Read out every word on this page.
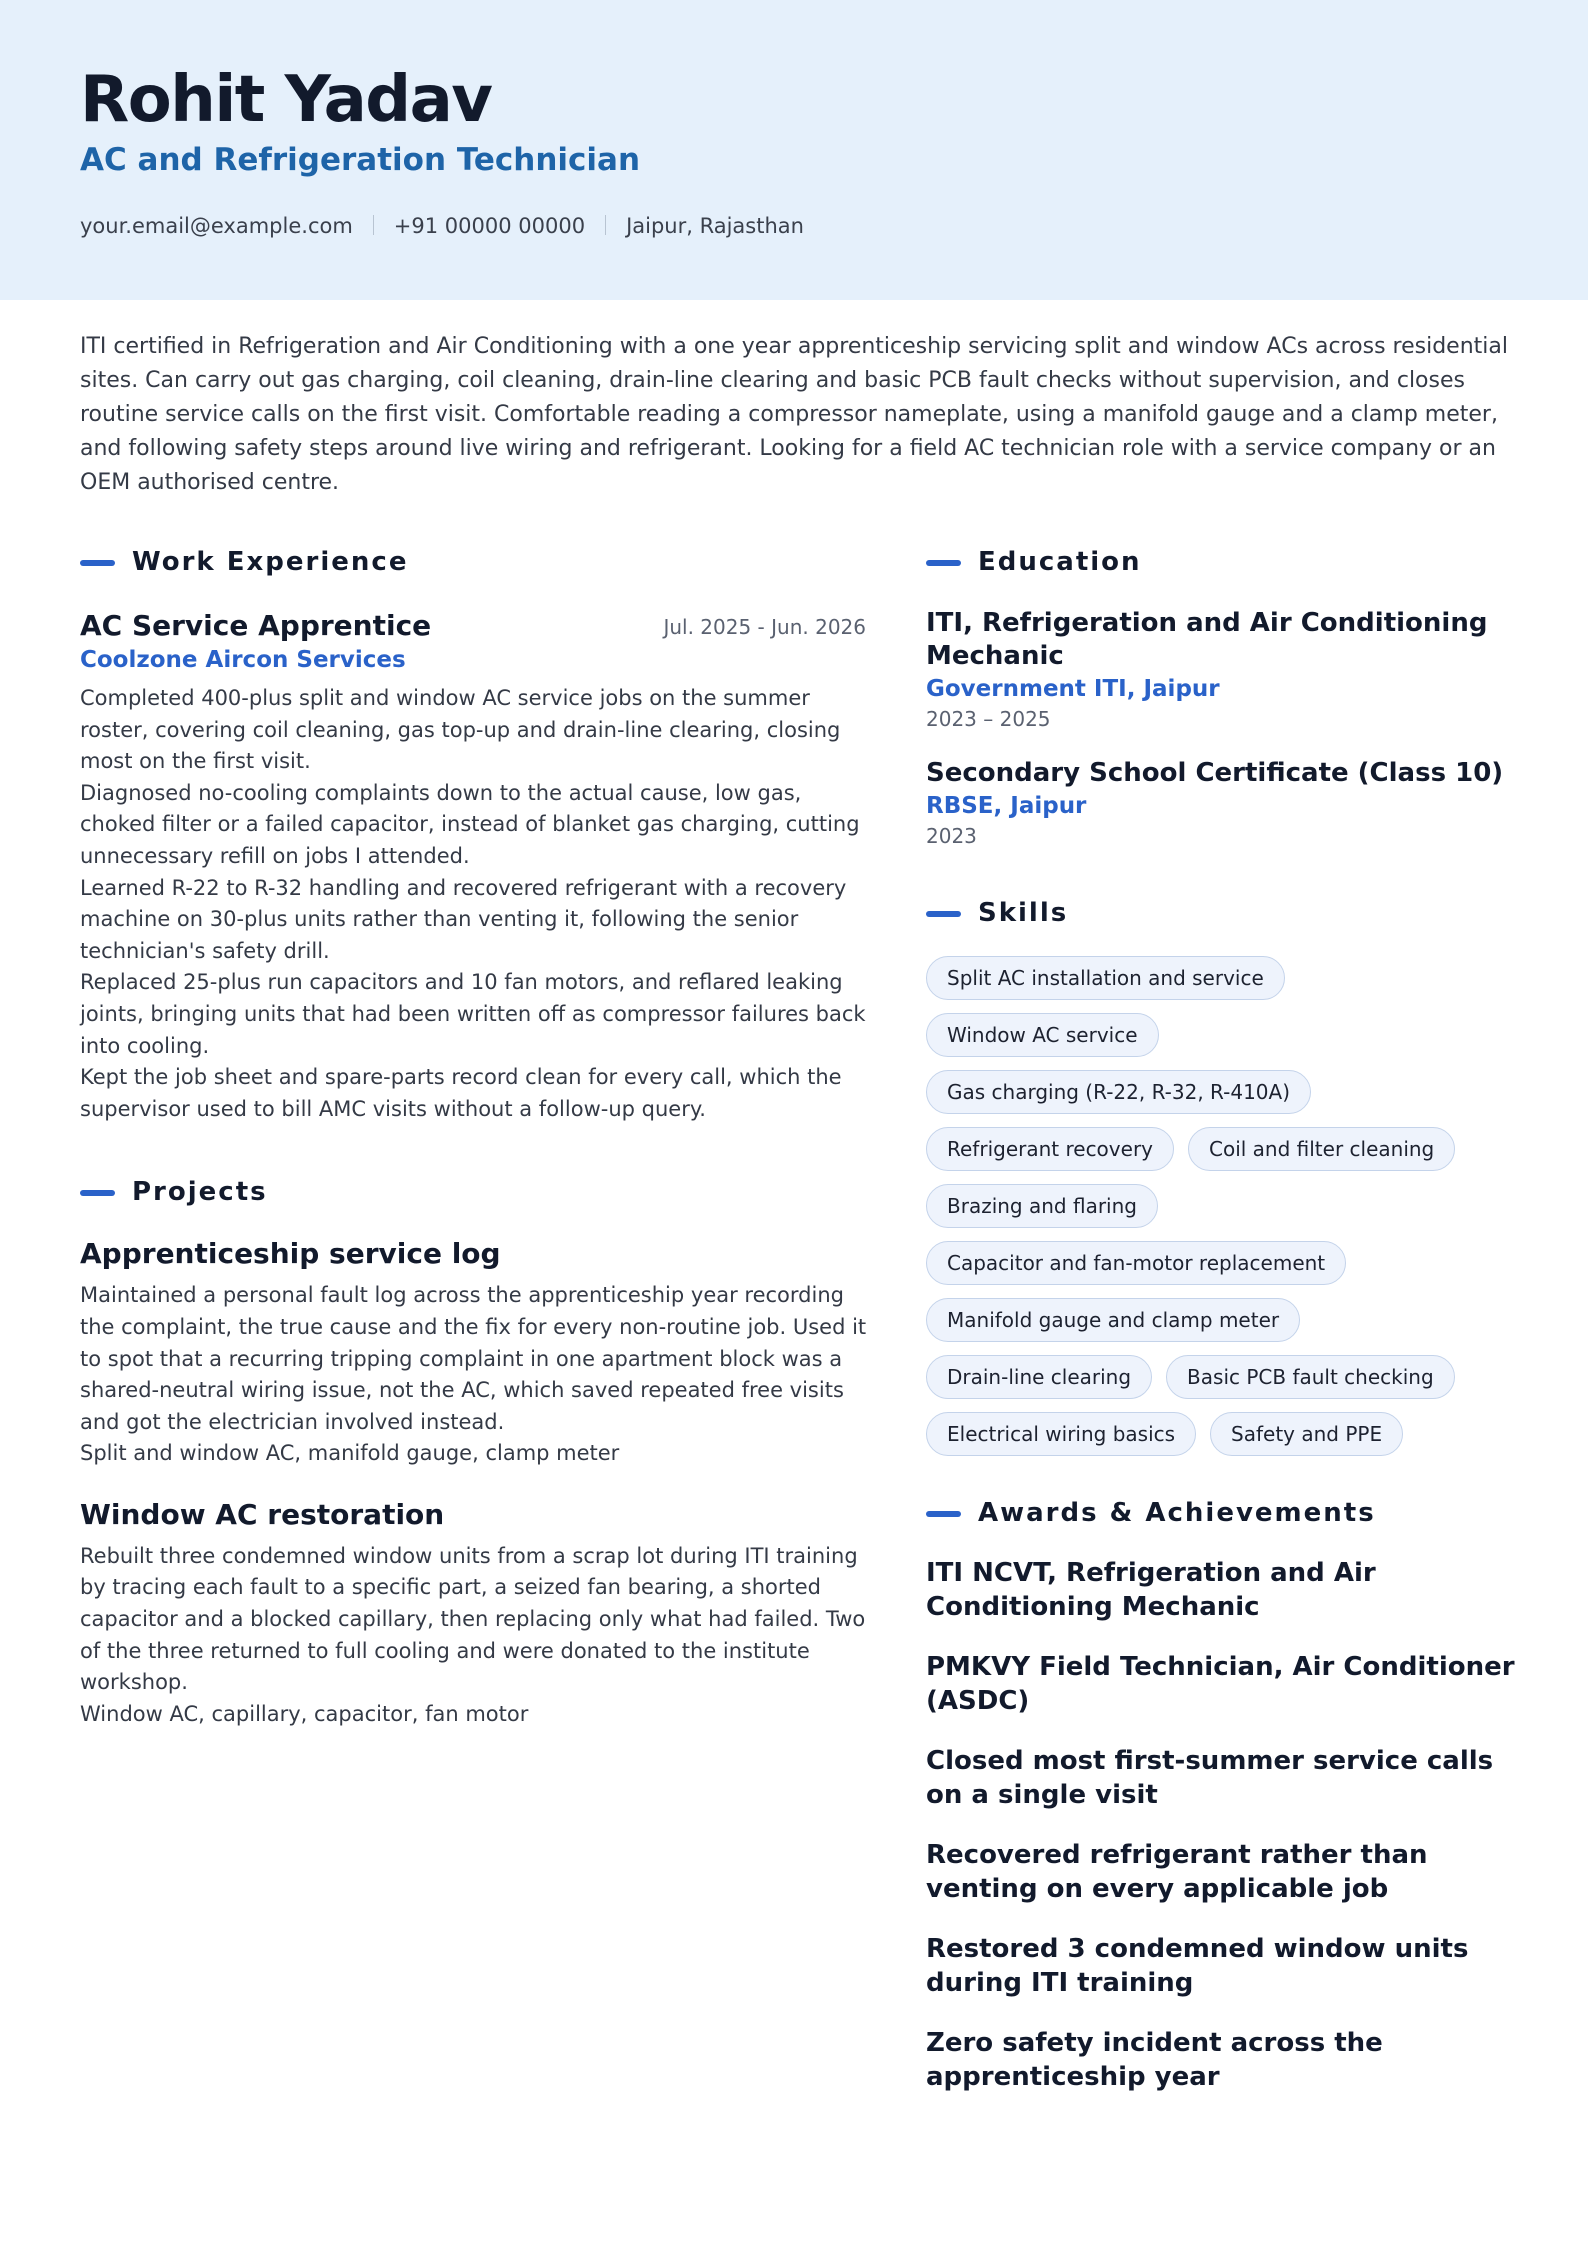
Rohit Yadav
AC and Refrigeration Technician
your.email@example.com +91 00000 00000 Jaipur, Rajasthan

ITI certified in Refrigeration and Air Conditioning with a one year apprenticeship servicing split and window ACs across residential sites. Can carry out gas charging, coil cleaning, drain-line clearing and basic PCB fault checks without supervision, and closes routine service calls on the first visit. Comfortable reading a compressor nameplate, using a manifold gauge and a clamp meter, and following safety steps around live wiring and refrigerant. Looking for a field AC technician role with a service company or an OEM authorised centre.

Work Experience
AC Service Apprentice	Jul. 2025 - Jun. 2026
Coolzone Aircon Services
Completed 400-plus split and window AC service jobs on the summer roster, covering coil cleaning, gas top-up and drain-line clearing, closing most on the first visit.
Diagnosed no-cooling complaints down to the actual cause, low gas, choked filter or a failed capacitor, instead of blanket gas charging, cutting unnecessary refill on jobs I attended.
Learned R-22 to R-32 handling and recovered refrigerant with a recovery machine on 30-plus units rather than venting it, following the senior technician's safety drill.
Replaced 25-plus run capacitors and 10 fan motors, and reflared leaking joints, bringing units that had been written off as compressor failures back into cooling.
Kept the job sheet and spare-parts record clean for every call, which the supervisor used to bill AMC visits without a follow-up query.
Projects
Apprenticeship service log

Maintained a personal fault log across the apprenticeship year recording the complaint, the true cause and the fix for every non-routine job. Used it to spot that a recurring tripping complaint in one apartment block was a shared-neutral wiring issue, not the AC, which saved repeated free visits and got the electrician involved instead.

Split and window AC, manifold gauge, clamp meter
Window AC restoration

Rebuilt three condemned window units from a scrap lot during ITI training by tracing each fault to a specific part, a seized fan bearing, a shorted capacitor and a blocked capillary, then replacing only what had failed. Two of the three returned to full cooling and were donated to the institute workshop.

Window AC, capillary, capacitor, fan motor
Education
ITI, Refrigeration and Air Conditioning Mechanic
Government ITI, Jaipur
2023 – 2025
Secondary School Certificate (Class 10)
RBSE, Jaipur
2023
Skills
Split AC installation and service
Window AC service
Gas charging (R-22, R-32, R-410A)
Refrigerant recovery	Coil and filter cleaning
Brazing and flaring
Capacitor and fan-motor replacement
Manifold gauge and clamp meter
Drain-line clearing	Basic PCB fault checking
Electrical wiring basics	Safety and PPE
Awards & Achievements
ITI NCVT, Refrigeration and Air Conditioning Mechanic
PMKVY Field Technician, Air Conditioner (ASDC)
Closed most first-summer service calls on a single visit
Recovered refrigerant rather than venting on every applicable job
Restored 3 condemned window units during ITI training
Zero safety incident across the apprenticeship year
